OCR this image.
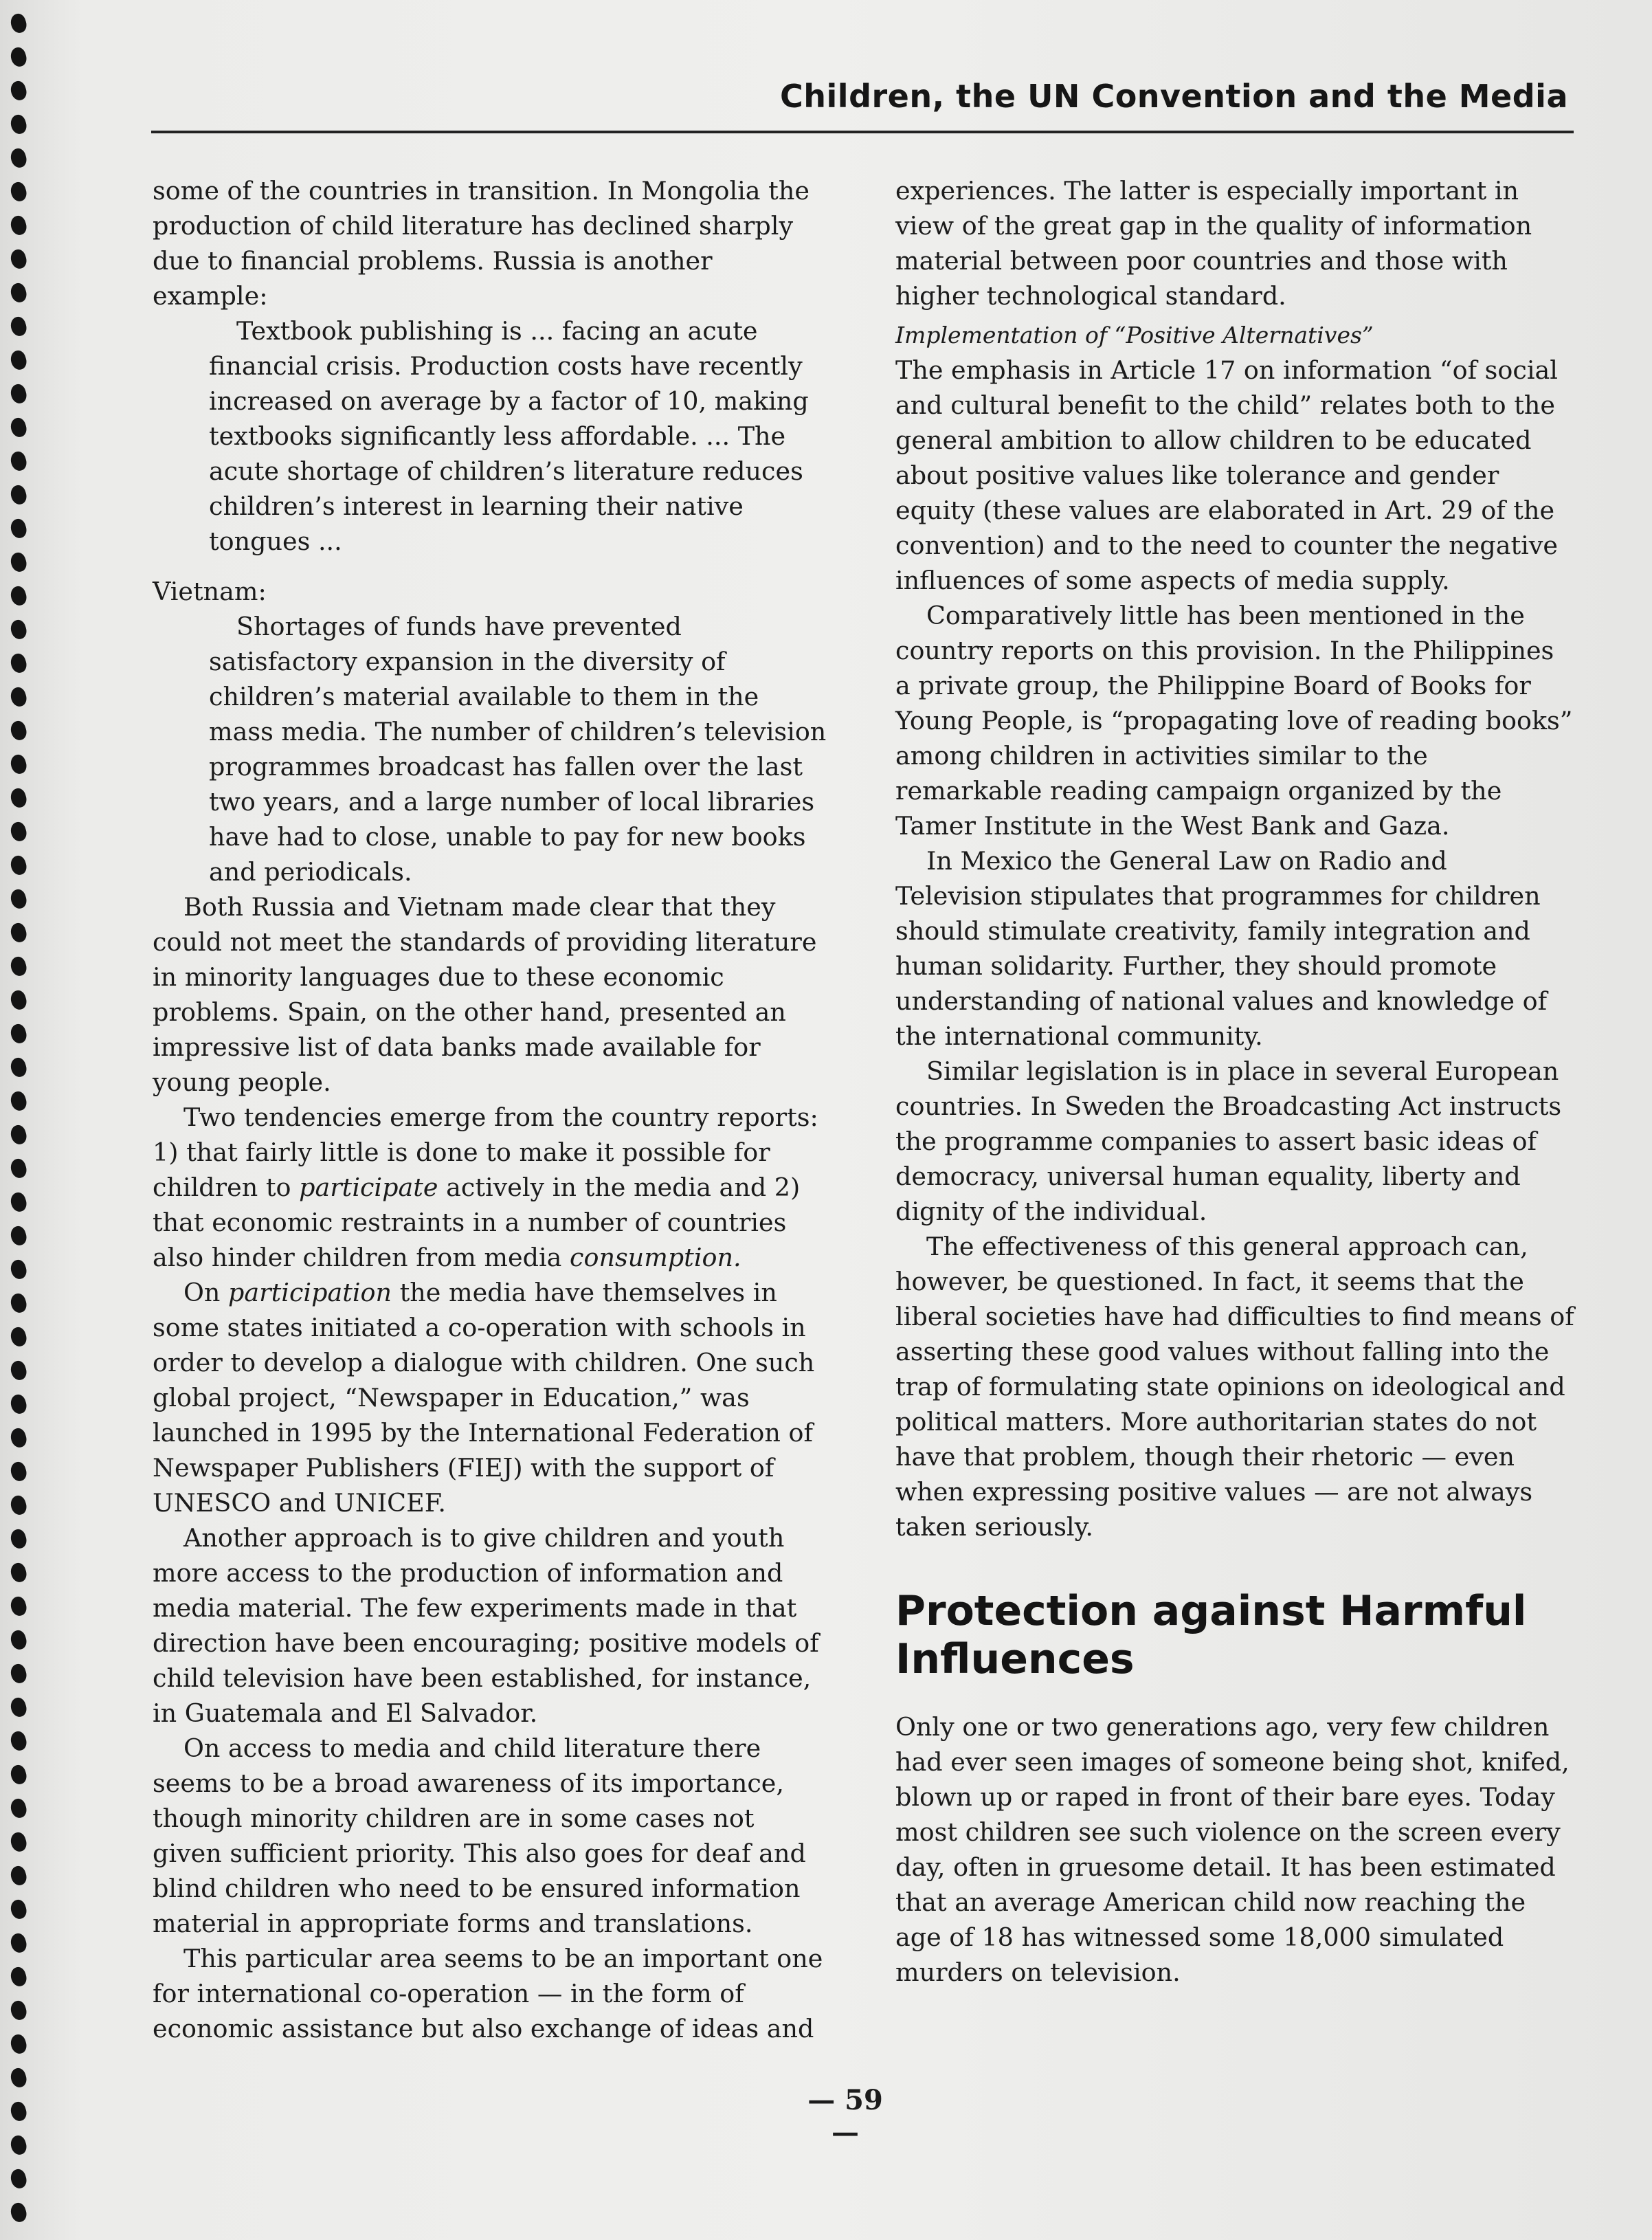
Children, the UN Convention and the Media

some of the countries in transition. In Mongolia the production of child literature has declined sharply due to financial problems. Russia is another example:

Textbook publishing is ... facing an acute financial crisis. Production costs have recently increased on average by a factor of 10, making textbooks significantly less affordable. ... The acute shortage of children’s literature reduces children’s interest in learning their native tongues ...

Vietnam:

Shortages of funds have prevented satisfactory expansion in the diversity of children’s material available to them in the mass media. The number of children’s television programmes broadcast has fallen over the last two years, and a large number of local libraries have had to close, unable to pay for new books and periodicals.

Both Russia and Vietnam made clear that they could not meet the standards of providing literature in minority languages due to these economic problems. Spain, on the other hand, presented an impressive list of data banks made available for young people.

Two tendencies emerge from the country reports: 1) that fairly little is done to make it possible for children to participate actively in the media and 2) that economic restraints in a number of countries also hinder children from media consumption.

On participation the media have themselves in some states initiated a co-operation with schools in order to develop a dialogue with children. One such global project, “Newspaper in Education,” was launched in 1995 by the International Federation of Newspaper Publishers (FIEJ) with the support of UNESCO and UNICEF.

Another approach is to give children and youth more access to the production of information and media material. The few experiments made in that direction have been encouraging; positive models of child television have been established, for instance, in Guatemala and El Salvador.

On access to media and child literature there seems to be a broad awareness of its importance, though minority children are in some cases not given sufficient priority. This also goes for deaf and blind children who need to be ensured information material in appropriate forms and translations.

This particular area seems to be an important one for international co-operation — in the form of economic assistance but also exchange of ideas and

experiences. The latter is especially important in view of the great gap in the quality of information material between poor countries and those with higher technological standard.

Implementation of “Positive Alternatives”

The emphasis in Article 17 on information “of social and cultural benefit to the child” relates both to the general ambition to allow children to be educated about positive values like tolerance and gender equity (these values are elaborated in Art. 29 of the convention) and to the need to counter the negative influences of some aspects of media supply.

Comparatively little has been mentioned in the country reports on this provision. In the Philippines a private group, the Philippine Board of Books for Young People, is “propagating love of reading books” among children in activities similar to the remarkable reading campaign organized by the Tamer Institute in the West Bank and Gaza.

In Mexico the General Law on Radio and Television stipulates that programmes for children should stimulate creativity, family integration and human solidarity. Further, they should promote understanding of national values and knowledge of the international community.

Similar legislation is in place in several European countries. In Sweden the Broadcasting Act instructs the programme companies to assert basic ideas of democracy, universal human equality, liberty and dignity of the individual.

The effectiveness of this general approach can, however, be questioned. In fact, it seems that the liberal societies have had difficulties to find means of asserting these good values without falling into the trap of formulating state opinions on ideological and political matters. More authoritarian states do not have that problem, though their rhetoric — even when expressing positive values — are not always taken seriously.

Protection against Harmful Influences

Only one or two generations ago, very few children had ever seen images of someone being shot, knifed, blown up or raped in front of their bare eyes. Today most children see such violence on the screen every day, often in gruesome detail. It has been estimated that an average American child now reaching the age of 18 has witnessed some 18,000 simulated murders on television.

— 59 —
